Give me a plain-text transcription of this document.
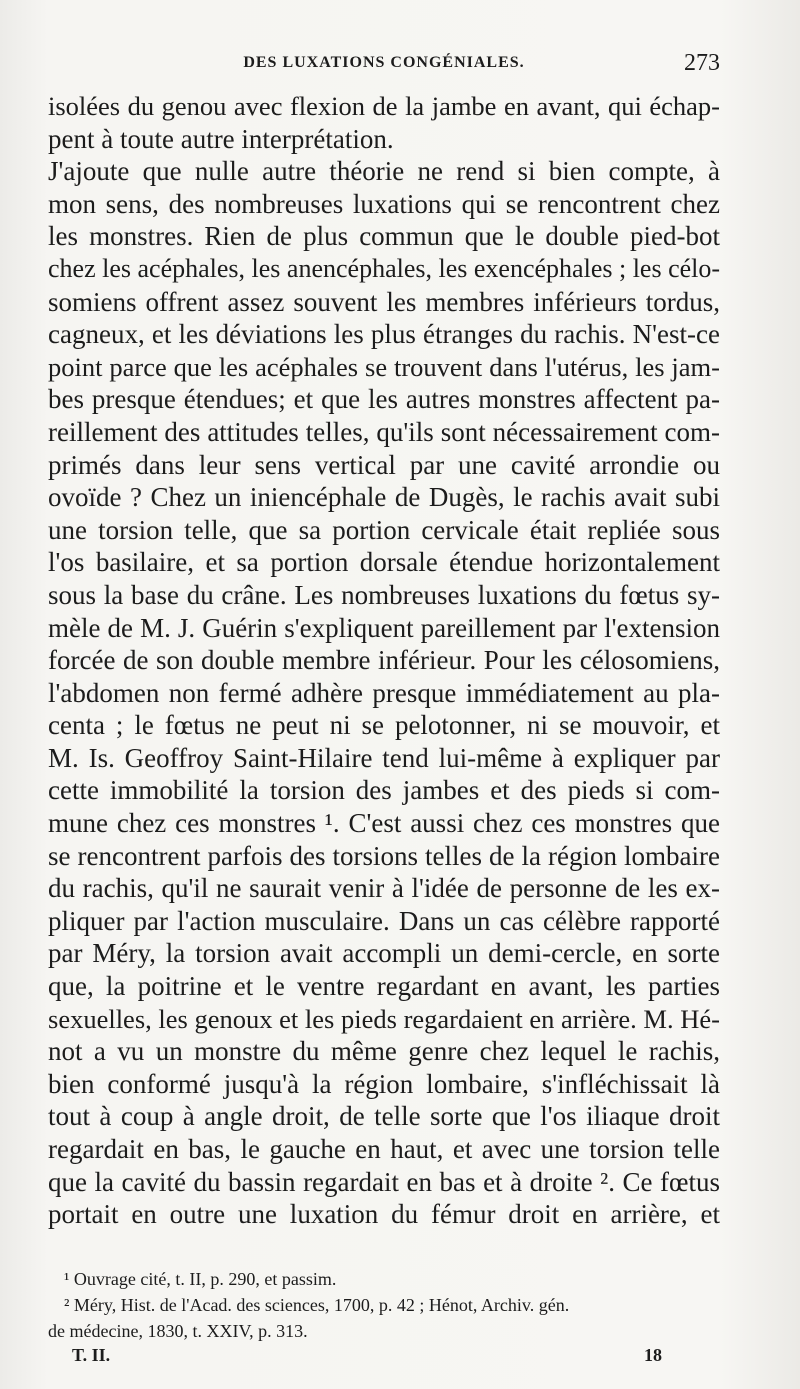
DES LUXATIONS CONGÉNIALES.	273
isolées du genou avec flexion de la jambe en avant, qui échap-
pent à toute autre interprétation.
J'ajoute que nulle autre théorie ne rend si bien compte, à
mon sens, des nombreuses luxations qui se rencontrent chez
les monstres. Rien de plus commun que le double pied-bot
chez les acéphales, les anencéphales, les exencéphales ; les célo-
somiens offrent assez souvent les membres inférieurs tordus,
cagneux, et les déviations les plus étranges du rachis. N'est-ce
point parce que les acéphales se trouvent dans l'utérus, les jam-
bes presque étendues; et que les autres monstres affectent pa-
reillement des attitudes telles, qu'ils sont nécessairement com-
primés dans leur sens vertical par une cavité arrondie ou
ovoïde ? Chez un iniencéphale de Dugès, le rachis avait subi
une torsion telle, que sa portion cervicale était repliée sous
l'os basilaire, et sa portion dorsale étendue horizontalement
sous la base du crâne. Les nombreuses luxations du fœtus sy-
mèle de M. J. Guérin s'expliquent pareillement par l'extension
forcée de son double membre inférieur. Pour les célosomiens,
l'abdomen non fermé adhère presque immédiatement au pla-
centa ; le fœtus ne peut ni se pelotonner, ni se mouvoir, et
M. Is. Geoffroy Saint-Hilaire tend lui-même à expliquer par
cette immobilité la torsion des jambes et des pieds si com-
mune chez ces monstres ¹. C'est aussi chez ces monstres que
se rencontrent parfois des torsions telles de la région lombaire
du rachis, qu'il ne saurait venir à l'idée de personne de les ex-
pliquer par l'action musculaire. Dans un cas célèbre rapporté
par Méry, la torsion avait accompli un demi-cercle, en sorte
que, la poitrine et le ventre regardant en avant, les parties
sexuelles, les genoux et les pieds regardaient en arrière. M. Hé-
not a vu un monstre du même genre chez lequel le rachis,
bien conformé jusqu'à la région lombaire, s'infléchissait là
tout à coup à angle droit, de telle sorte que l'os iliaque droit
regardait en bas, le gauche en haut, et avec une torsion telle
que la cavité du bassin regardait en bas et à droite ². Ce fœtus
portait en outre une luxation du fémur droit en arrière, et
¹ Ouvrage cité, t. II, p. 290, et passim.
² Méry, Hist. de l'Acad. des sciences, 1700, p. 42 ; Hénot, Archiv. gén.
de médecine, 1830, t. XXIV, p. 313.
T. II.	18
